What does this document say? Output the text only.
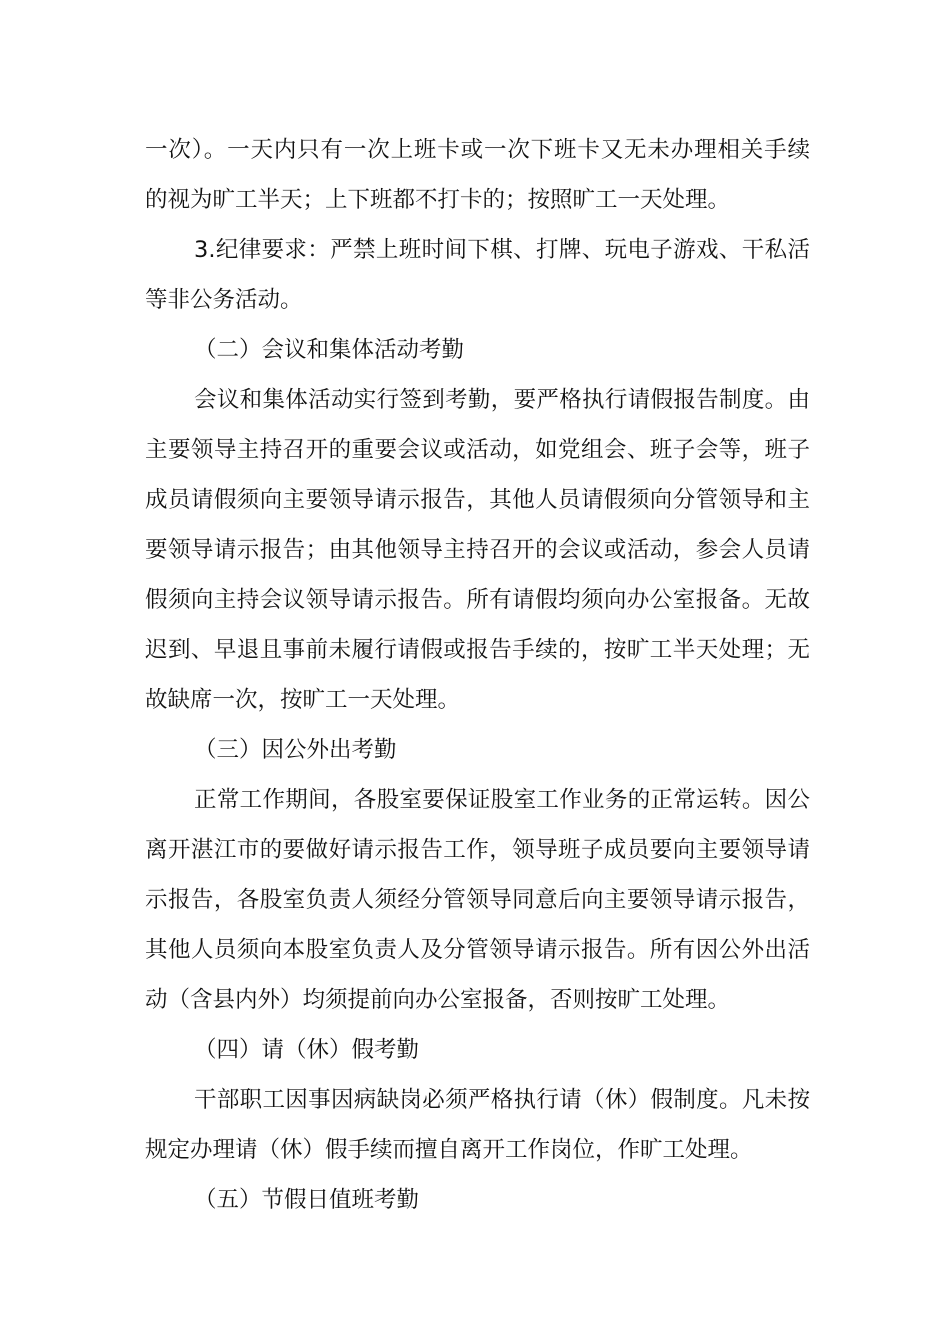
一次）。一天内只有一次上班卡或一次下班卡又无未办理相关手续
的视为旷工半天；上下班都不打卡的；按照旷工一天处理。
3.纪律要求：严禁上班时间下棋、打牌、玩电子游戏、干私活
等非公务活动。
（二）会议和集体活动考勤
会议和集体活动实行签到考勤，要严格执行请假报告制度。由
主要领导主持召开的重要会议或活动，如党组会、班子会等，班子
成员请假须向主要领导请示报告，其他人员请假须向分管领导和主
要领导请示报告；由其他领导主持召开的会议或活动，参会人员请
假须向主持会议领导请示报告。所有请假均须向办公室报备。无故
迟到、早退且事前未履行请假或报告手续的，按旷工半天处理；无
故缺席一次，按旷工一天处理。
（三）因公外出考勤
正常工作期间，各股室要保证股室工作业务的正常运转。因公
离开湛江市的要做好请示报告工作，领导班子成员要向主要领导请
示报告，各股室负责人须经分管领导同意后向主要领导请示报告，
其他人员须向本股室负责人及分管领导请示报告。所有因公外出活
动（含县内外）均须提前向办公室报备，否则按旷工处理。
（四）请（休）假考勤
干部职工因事因病缺岗必须严格执行请（休）假制度。凡未按
规定办理请（休）假手续而擅自离开工作岗位，作旷工处理。
（五）节假日值班考勤
